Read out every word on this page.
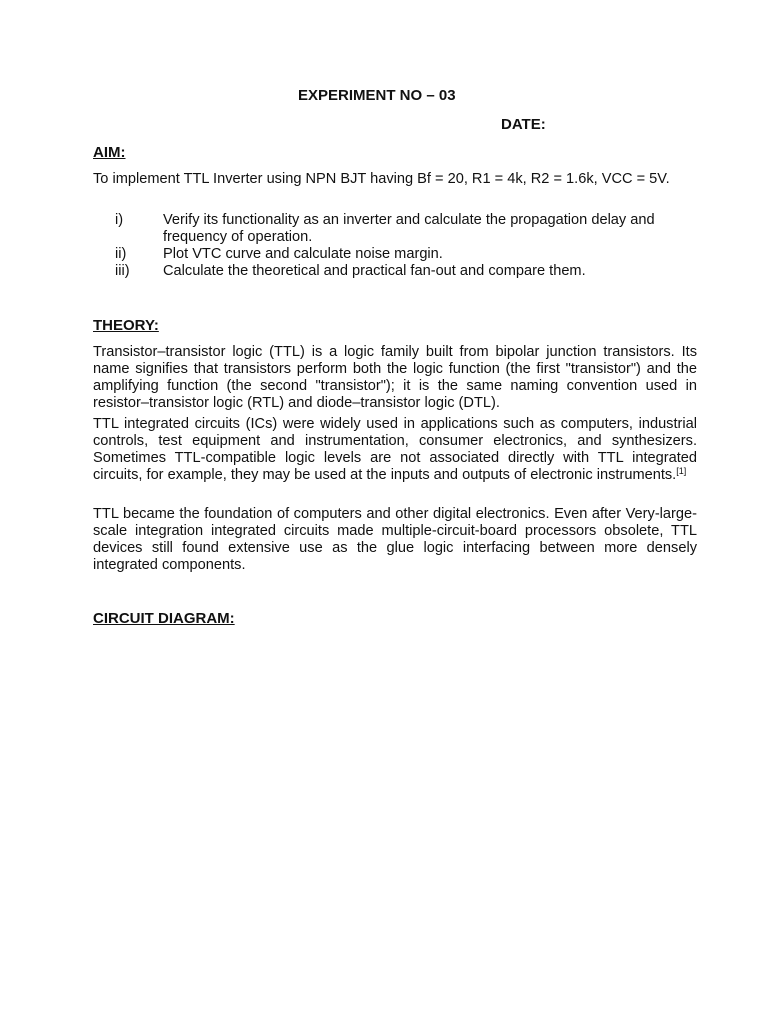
EXPERIMENT NO – 03
DATE:
AIM:

To implement TTL Inverter using NPN BJT having Bf = 20, R1 = 4k, R2 = 1.6k, VCC = 5V.

i)	Verify its functionality as an inverter and calculate the propagation delay and frequency of operation.
ii)	Plot VTC curve and calculate noise margin.
iii) Calculate the theoretical and practical fan-out and compare them.
THEORY:

Transistor–transistor logic (TTL) is a logic family built from bipolar junction transistors. Its name signifies that transistors perform both the logic function (the first "transistor") and the amplifying function (the second "transistor"); it is the same naming convention used in resistor–transistor logic (RTL) and diode–transistor logic (DTL).

TTL integrated circuits (ICs) were widely used in applications such as computers, industrial controls, test equipment and instrumentation, consumer electronics, and synthesizers. Sometimes TTL-compatible logic levels are not associated directly with TTL integrated circuits, for example, they may be used at the inputs and outputs of electronic instruments.[1]

TTL became the foundation of computers and other digital electronics. Even after Very-large-scale integration integrated circuits made multiple-circuit-board processors obsolete, TTL devices still found extensive use as the glue logic interfacing between more densely integrated components.

CIRCUIT DIAGRAM:
